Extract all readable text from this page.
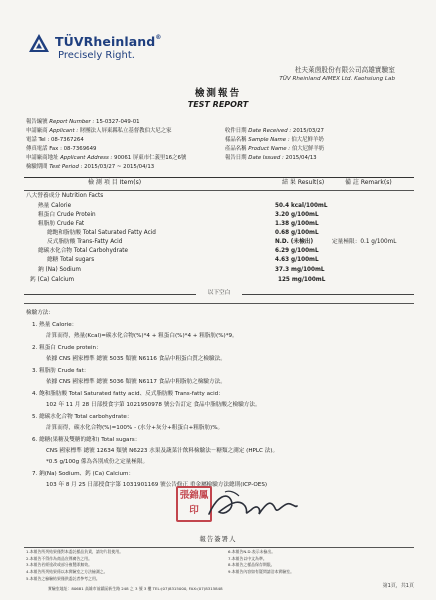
TÜVRheinland®
Precisely Right.
杜夫萊茵股份有限公司高雄實驗室
TÜV Rheinland AIMEX Ltd. Kaohsiung Lab
檢測報告
TEST REPORT
報告編號 Report Number : 15-0327-049-01
申請廠商 Applicant : 財團法人屏東縣私立基督教伯大尼之家
電話 Tel : 08-7367264
傳真電話 Fax : 08-7369649
申請廠商地址 Applicant Address : 90061 屏東市仁義里16之6號
檢驗期間 Test Period : 2015/03/27 ~ 2015/04/13
收件日期 Date Received : 2015/03/27
樣品名稱 Sample Name : 伯大尼鮮羊奶
產品名稱 Product Name : 伯大尼鮮羊奶
報告日期 Date Issued : 2015/04/13
檢 測 項 目 Item(s)	結 果 Result(s)	備 註 Remark(s)
八大營養成分 Nutrition Facts
熱量 Calorie	50.4 kcal/100mL
粗蛋白 Crude Protein	3.20 g/100mL
粗脂肪 Crude Fat	1.38 g/100mL
總飽和脂肪酸 Total Saturated Fatty Acid	0.68 g/100mL
反式脂肪酸 Trans-Fatty Acid	N.D. (未檢出)	定量極限：0.1 g/100mL
總碳水化合物 Total Carbohydrate	6.29 g/100mL
總糖 Total sugars	4.63 g/100mL
鈉 (Na) Sodium	37.3 mg/100mL
鈣 (Ca) Calcium	125 mg/100mL
以下空白
檢驗方法：
1. 熱量 Calorie：
計算而得，熱量(Kcal)=碳水化合物(%)*4 + 粗蛋白(%)*4 + 粗脂肪(%)*9。
2. 粗蛋白 Crude protein：
依據 CNS 國家標準 總號 5035 類號 N6116 食品中粗蛋白質之檢驗法。
3. 粗脂肪 Crude fat：
依據 CNS 國家標準 總號 5036 類號 N6117 食品中粗脂肪之檢驗方法。
4. 飽和脂肪酸 Total Saturated fatty acid、反式脂肪酸 Trans-fatty acid：
102 年 11 月 28 日部授食字第 1021950978 號公告訂定 食品中脂肪酸之檢驗方法。
5. 總碳水化合物 Total carbohydrate：
計算而得，碳水化合物(%)=100% - (水分+灰分+粗蛋白+粗脂肪)%。
6. 總糖(果糖及雙糖的總和) Total sugars：
CNS 國家標準 總號 12634 類號 N6223 水果及蔬菜汁飲料檢驗法－糖類之測定 (HPLC 法)。
*0.5 g/100g 係為各別成份之定量極限。
7. 鈉(Na) Sodium、鈣 (Ca) Calcium：
103 年 8 月 25 日部授食字第 1031901169 號公告修正 重金屬檢驗方法總則(ICP-OES)
張錦鳳印
報告簽署人
1.本報告所列結果僅對本委託樣品負責，請勿片段使用。
2.本報告不得作為商品宣傳廣告之用。
3.本報告若經塗改或部分複製即無效。
4.本報告所列結果係以本實驗室之方法檢測之。
5.本報告之檢驗結果僅供委託者參考之用。
6.本報告N.D.表示未檢出。
7.本報告以中文為準。
8.本報告之樣品保存期限。
9.本報告內容如有疑問請洽本實驗室。
實驗室地址：80681 高雄市前鎮區新生路 248 之 3 號 3 樓 TEL:(07)8315000, FAX:(07)8315848	第1頁，共1頁
